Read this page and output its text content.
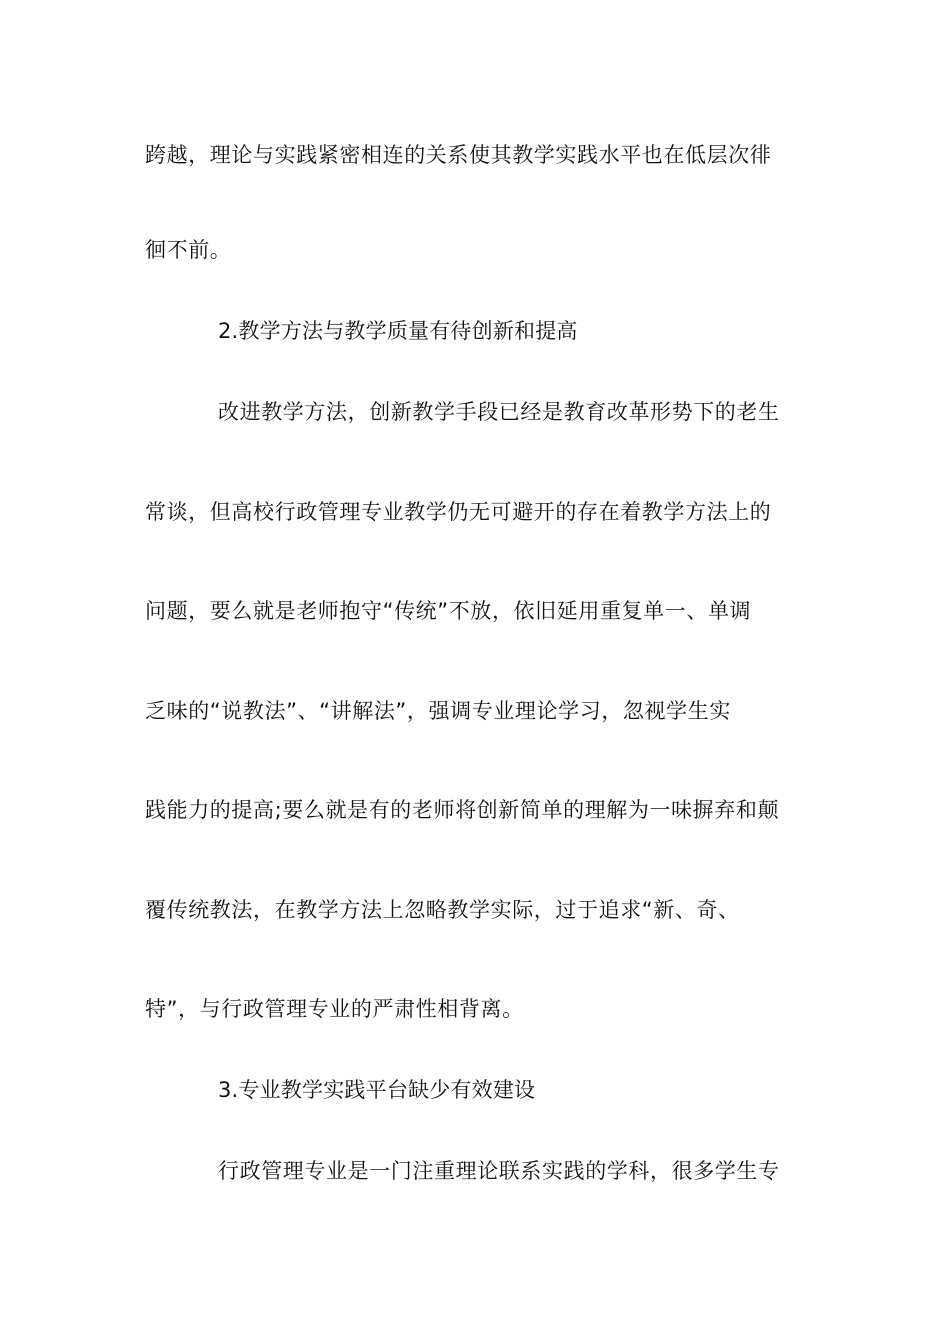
跨越，理论与实践紧密相连的关系使其教学实践水平也在低层次徘
徊不前。
2.教学方法与教学质量有待创新和提高
改进教学方法，创新教学手段已经是教育改革形势下的老生
常谈，但高校行政管理专业教学仍无可避开的存在着教学方法上的
问题，要么就是老师抱守“传统”不放，依旧延用重复单一、单调
乏味的“说教法”、“讲解法”，强调专业理论学习，忽视学生实
践能力的提高;要么就是有的老师将创新简单的理解为一味摒弃和颠
覆传统教法，在教学方法上忽略教学实际，过于追求“新、奇、
特”，与行政管理专业的严肃性相背离。
3.专业教学实践平台缺少有效建设
行政管理专业是一门注重理论联系实践的学科，很多学生专
